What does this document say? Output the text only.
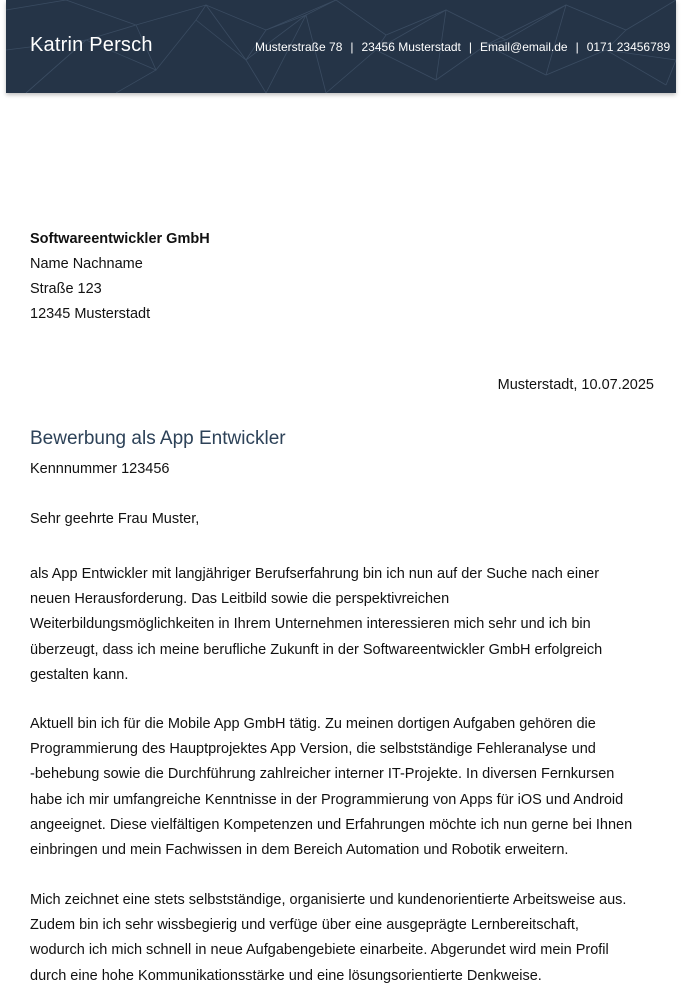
Katrin Persch	Musterstraße 78 | 23456 Musterstadt | Email@email.de | 0171 23456789
Softwareentwickler GmbH
Name Nachname
Straße 123
12345 Musterstadt
Musterstadt, 10.07.2025
Bewerbung als App Entwickler
Kennnummer 123456
Sehr geehrte Frau Muster,
als App Entwickler mit langjähriger Berufserfahrung bin ich nun auf der Suche nach einer
neuen Herausforderung. Das Leitbild sowie die perspektivreichen
Weiterbildungsmöglichkeiten in Ihrem Unternehmen interessieren mich sehr und ich bin
überzeugt, dass ich meine berufliche Zukunft in der Softwareentwickler GmbH erfolgreich
gestalten kann.
Aktuell bin ich für die Mobile App GmbH tätig. Zu meinen dortigen Aufgaben gehören die
Programmierung des Hauptprojektes App Version, die selbstständige Fehleranalyse und
-behebung sowie die Durchführung zahlreicher interner IT-Projekte. In diversen Fernkursen
habe ich mir umfangreiche Kenntnisse in der Programmierung von Apps für iOS und Android
angeeignet. Diese vielfältigen Kompetenzen und Erfahrungen möchte ich nun gerne bei Ihnen
einbringen und mein Fachwissen in dem Bereich Automation und Robotik erweitern.
Mich zeichnet eine stets selbstständige, organisierte und kundenorientierte Arbeitsweise aus.
Zudem bin ich sehr wissbegierig und verfüge über eine ausgeprägte Lernbereitschaft,
wodurch ich mich schnell in neue Aufgabengebiete einarbeite. Abgerundet wird mein Profil
durch eine hohe Kommunikationsstärke und eine lösungsorientierte Denkweise.
